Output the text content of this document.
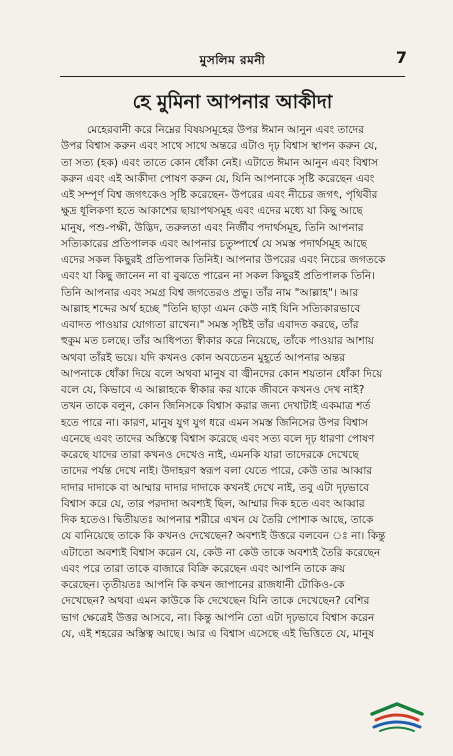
মুসলিম রমনী	7
হে মুমিনা আপনার আকীদা
মেহেরবানী করে নিম্নের বিষয়সমূহের উপর ঈমান আনুন এবং তাদের
উপর বিশ্বাস করুন এবং সাথে সাথে অন্তরে এটাও দৃঢ় বিশ্বাস স্থাপন করুন যে,
তা সত্য (হক) এবং তাতে কোন ধোঁকা নেই। এটাতে ঈমান আনুন এবং বিশ্বাস
করুন এবং এই আকীদা পোষণ করুন যে, যিনি আপনাকে সৃষ্টি করেছেন এবং
এই সম্পূর্ণ বিশ্ব জগৎকেও সৃষ্টি করেছেন- উপরের এবং নীচের জগৎ, পৃথিবীর
ক্ষুদ্র ধূলিকণা হতে আকাশের ছায়াপথসমূহ এবং এদের মধ্যে যা কিছু আছে
মানুষ, পশু-পক্ষী, উদ্ভিদ, তরুলতা এবং নির্জীব পদার্থসমূহ, তিনি আপনার
সত্যিকারের প্রতিপালক এবং আপনার চতুষ্পার্শ্বে যে সমস্ত পদার্থসমূহ আছে
এদের সকল কিছুরই প্রতিপালক তিনিই। আপনার উপরের এবং নিচের জগতকে
এবং যা কিছু জানেন না বা বুঝতে পারেন না সকল কিছুরই প্রতিপালক তিনি।
তিনি আপনার এবং সমগ্র বিশ্ব জগতেরও প্রভু। তাঁর নাম "আল্লাহ"। আর
আল্লাহ শব্দের অর্থ হচ্ছে "তিনি ছাড়া এমন কেউ নাই যিনি সত্যিকারভাবে
এবাদত পাওয়ার যোগ্যতা রাখেন।" সমস্ত সৃষ্টিই তাঁর এবাদত করছে, তাঁর
হুকুম মত চলছে। তাঁর আধিপত্য স্বীকার করে নিয়েছে, তাঁকে পাওয়ার আশায়
অথবা তাঁরই ভয়ে। যদি কখনও কোন অবচেতন মুহূর্তে আপনার অন্তর
আপনাকে ধোঁকা দিয়ে বলে অথবা মানুষ বা জ্বীনদের কোন শয়তান ধোঁকা দিয়ে
বলে যে, কিভাবে এ আল্লাহকে স্বীকার কর যাকে জীবনে কখনও দেখ নাই?
তখন তাকে বলুন, কোন জিনিসকে বিশ্বাস করার জন্য দেখাটাই একমাত্র শর্ত
হতে পারে না। কারণ, মানুষ যুগ যুগ ধরে এমন সমস্ত জিনিসের উপর বিশ্বাস
এনেছে এবং তাদের অস্তিত্বে বিশ্বাস করেছে এবং সত্য বলে দৃঢ় ধারণা পোষণ
করেছে যাদের তারা কখনও দেখেও নাই, এমনকি যারা তাদেরকে দেখেছে
তাদের পর্যন্ত দেখে নাই। উদাহরণ স্বরূপ বলা যেতে পারে, কেউ তার আব্বার
দাদার দাদাকে বা আম্মার দাদার দাদাকে কখনই দেখে নাই, তবু এটা দৃঢ়ভাবে
বিশ্বাস করে যে, তার পরদাদা অবশ্যই ছিল, আম্মার দিক হতে এবং আব্বার
দিক হতেও। দ্বিতীয়তঃ আপনার শরীরে এখন যে তৈরি পোশাক আছে, তাকে
যে বানিয়েছে তাকে কি কখনও দেখেছেন? অবশ্যই উত্তরে বলবেন ঃ না। কিন্তু
এটাতো অবশ্যই বিশ্বাস করেন যে, কেউ না কেউ তাকে অবশ্যই তৈরি করেছেন
এবং পরে তারা তাকে বাজারে বিক্রি করেছেন এবং আপনি তাকে ক্রয়
করেছেন। তৃতীয়তঃ আপনি কি কখন জাপানের রাজধানী টোকিও-কে
দেখেছেন? অথবা এমন কাউকে কি দেখেছেন যিনি তাকে দেখেছেন? বেশির
ভাগ ক্ষেত্রেই উত্তর আসবে, না। কিন্তু আপনি তো এটা দৃঢ়ভাবে বিশ্বাস করেন
যে, এই শহরের অস্তিত্ব আছে। আর এ বিশ্বাস এসেছে এই ভিত্তিতে যে, মানুষ
